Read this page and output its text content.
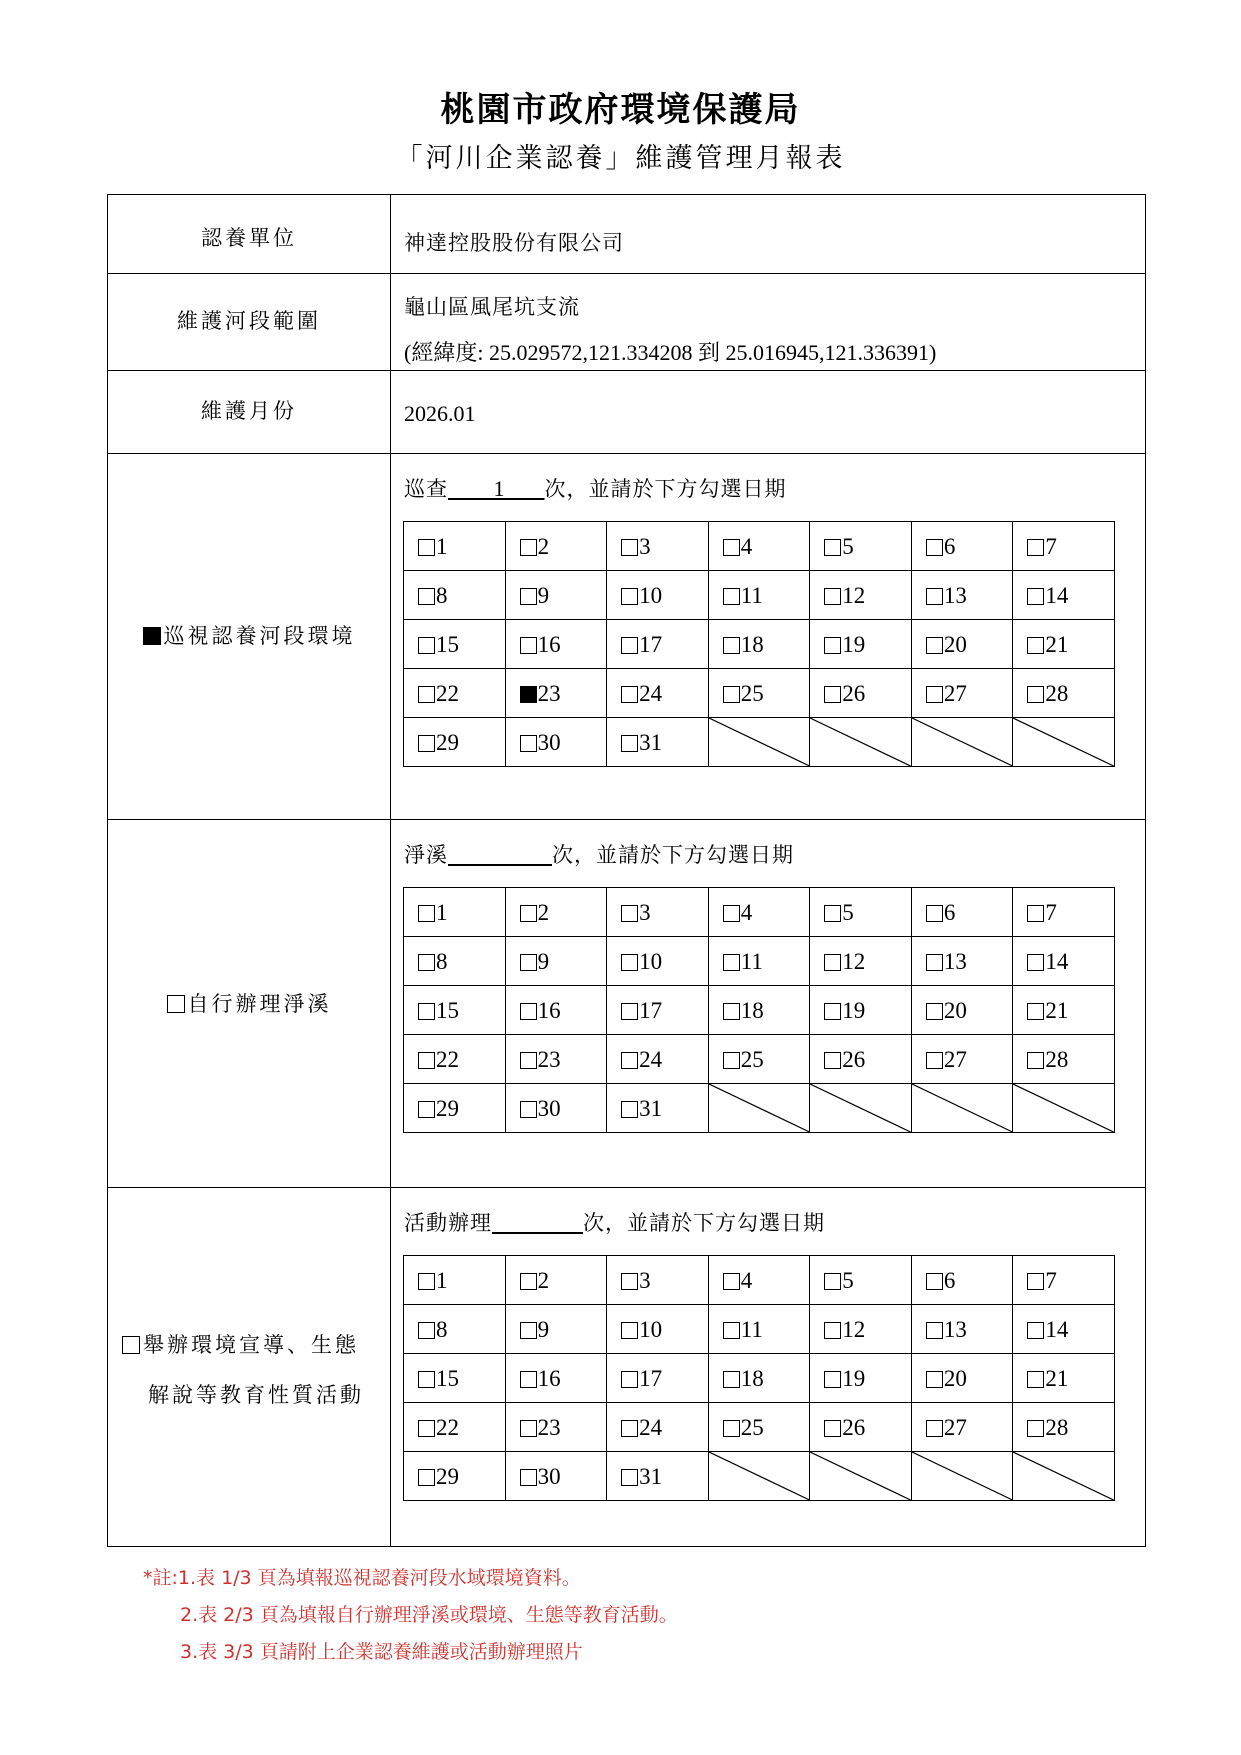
桃園市政府環境保護局
「河川企業認養」維護管理月報表
認養單位	神達控股股份有限公司
維護河段範圍
龜山區風尾坑支流
(經緯度: 25.029572,121.334208 到 25.016945,121.336391)
維護月份	2026.01
巡視認養河段環境
巡查 1 次，並請於下方勾選日期
1	2	3	4	5	6	7

8	9	10	11	12	13	14

15	16	17	18	19	20	21

22	23	24	25	26	27	28

29	30	31

自行辦理淨溪
淨溪	次，並請於下方勾選日期
1	2	3	4	5	6	7

8	9	10	11	12	13	14

15	16	17	18	19	20	21

22	23	24	25	26	27	28

29	30	31

舉辦環境宣導、生態
解說等教育性質活動
活動辦理	次，並請於下方勾選日期
1	2	3	4	5	6	7

8	9	10	11	12	13	14

15	16	17	18	19	20	21

22	23	24	25	26	27	28

29	30	31

*註:1.表 1/3 頁為填報巡視認養河段水域環境資料。
2.表 2/3 頁為填報自行辦理淨溪或環境、生態等教育活動。
3.表 3/3 頁請附上企業認養維護或活動辦理照片
